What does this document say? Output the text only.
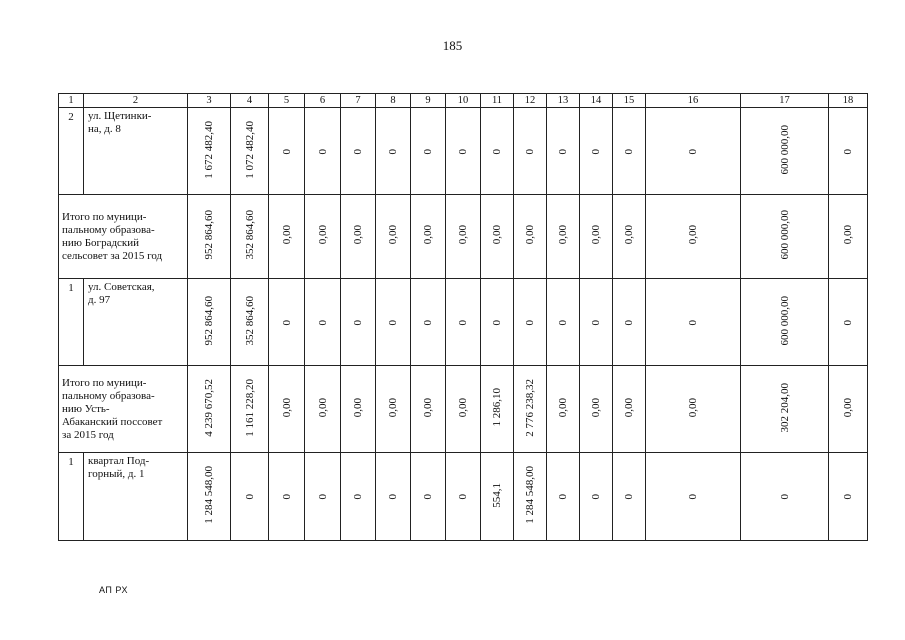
185
1	2	3	4	5	6	7	8	9	10	11	12	13	14	15	16	17	18
2	ул. Щетинки-
на, д. 8	1 672 482,40	1 072 482,40	0	0	0	0	0	0	0	0	0	0	0	0	600 000,00	0
Итого по муници-
пальному образова-
нию Боградский
сельсовет за 2015 год		952 864,60	352 864,60	0,00	0,00	0,00	0,00	0,00	0,00	0,00	0,00	0,00	0,00	0,00	0,00	600 000,00	0,00
1	ул. Советская,
д. 97	952 864,60	352 864,60	0	0	0	0	0	0	0	0	0	0	0	0	600 000,00	0
Итого по муници-
пальному образова-
нию Усть-
Абаканский поссовет
за 2015 год		4 239 670,52	1 161 228,20	0,00	0,00	0,00	0,00	0,00	0,00	1 286,10	2 776 238,32	0,00	0,00	0,00	0,00	302 204,00	0,00
1	квартал Под-
горный, д. 1	1 284 548,00	0	0	0	0	0	0	0	554,1	1 284 548,00	0	0	0	0	0	0
АП РХ
